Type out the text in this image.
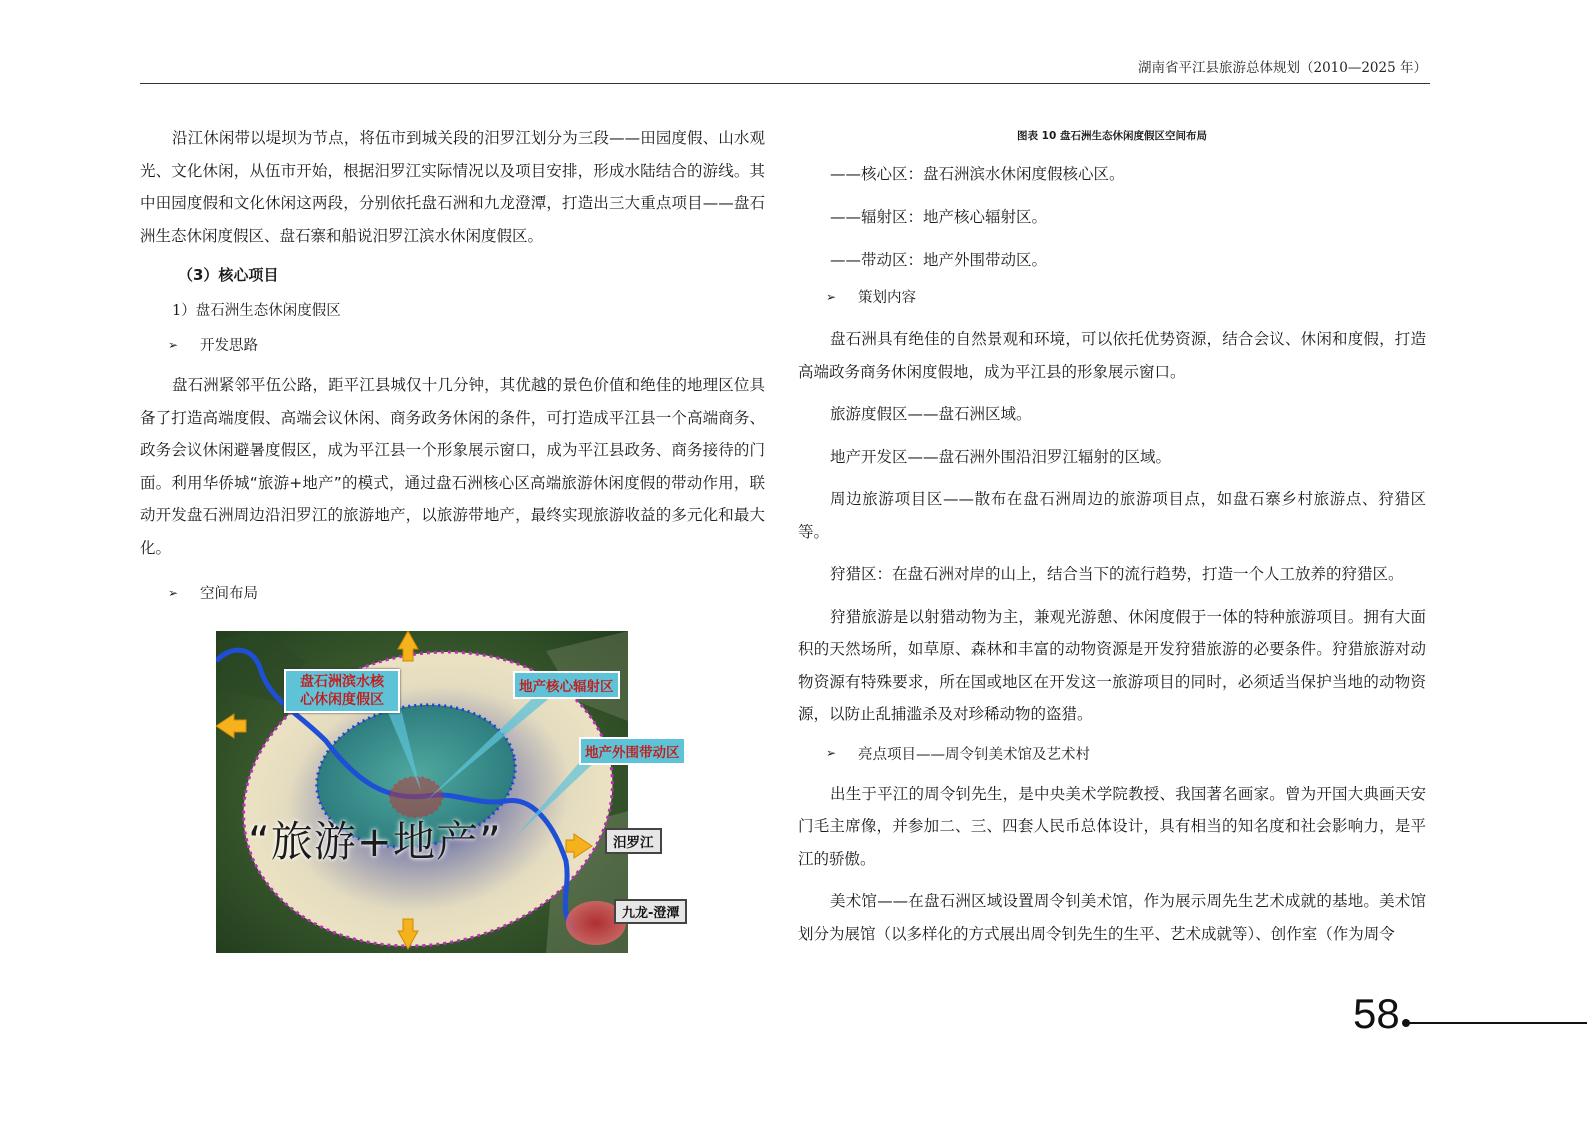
湖南省平江县旅游总体规划（2010—2025 年）

沿江休闲带以堤坝为节点，将伍市到城关段的汨罗江划分为三段——田园度假、山水观光、文化休闲，从伍市开始，根据汨罗江实际情况以及项目安排，形成水陆结合的游线。其中田园度假和文化休闲这两段，分别依托盘石洲和九龙澄潭，打造出三大重点项目——盘石洲生态休闲度假区、盘石寨和船说汨罗江滨水休闲度假区。

（3）核心项目

1）盘石洲生态休闲度假区

➢	开发思路

盘石洲紧邻平伍公路，距平江县城仅十几分钟，其优越的景色价值和绝佳的地理区位具备了打造高端度假、高端会议休闲、商务政务休闲的条件，可打造成平江县一个高端商务、政务会议休闲避暑度假区，成为平江县一个形象展示窗口，成为平江县政务、商务接待的门面。利用华侨城“旅游+地产”的模式，通过盘石洲核心区高端旅游休闲度假的带动作用，联动开发盘石洲周边沿汨罗江的旅游地产，以旅游带地产，最终实现旅游收益的多元化和最大化。

➢	空间布局
盘石洲滨水核
心休闲度假区
地产核心辐射区
地产外围带动区
汨罗江
九龙-澄潭
“旅游+地产”

图表 10 盘石洲生态休闲度假区空间布局

——核心区：盘石洲滨水休闲度假核心区。

——辐射区：地产核心辐射区。

——带动区：地产外围带动区。

➢	策划内容

盘石洲具有绝佳的自然景观和环境，可以依托优势资源，结合会议、休闲和度假，打造高端政务商务休闲度假地，成为平江县的形象展示窗口。

旅游度假区——盘石洲区域。

地产开发区——盘石洲外围沿汨罗江辐射的区域。

周边旅游项目区——散布在盘石洲周边的旅游项目点，如盘石寨乡村旅游点、狩猎区等。

狩猎区：在盘石洲对岸的山上，结合当下的流行趋势，打造一个人工放养的狩猎区。

狩猎旅游是以射猎动物为主，兼观光游憩、休闲度假于一体的特种旅游项目。拥有大面积的天然场所，如草原、森林和丰富的动物资源是开发狩猎旅游的必要条件。狩猎旅游对动物资源有特殊要求，所在国或地区在开发这一旅游项目的同时，必须适当保护当地的动物资源，以防止乱捕滥杀及对珍稀动物的盗猎。

➢	亮点项目——周令钊美术馆及艺术村

出生于平江的周令钊先生，是中央美术学院教授、我国著名画家。曾为开国大典画天安门毛主席像，并参加二、三、四套人民币总体设计，具有相当的知名度和社会影响力，是平江的骄傲。

美术馆——在盘石洲区域设置周令钊美术馆，作为展示周先生艺术成就的基地。美术馆划分为展馆（以多样化的方式展出周令钊先生的生平、艺术成就等）、创作室（作为周令

58
